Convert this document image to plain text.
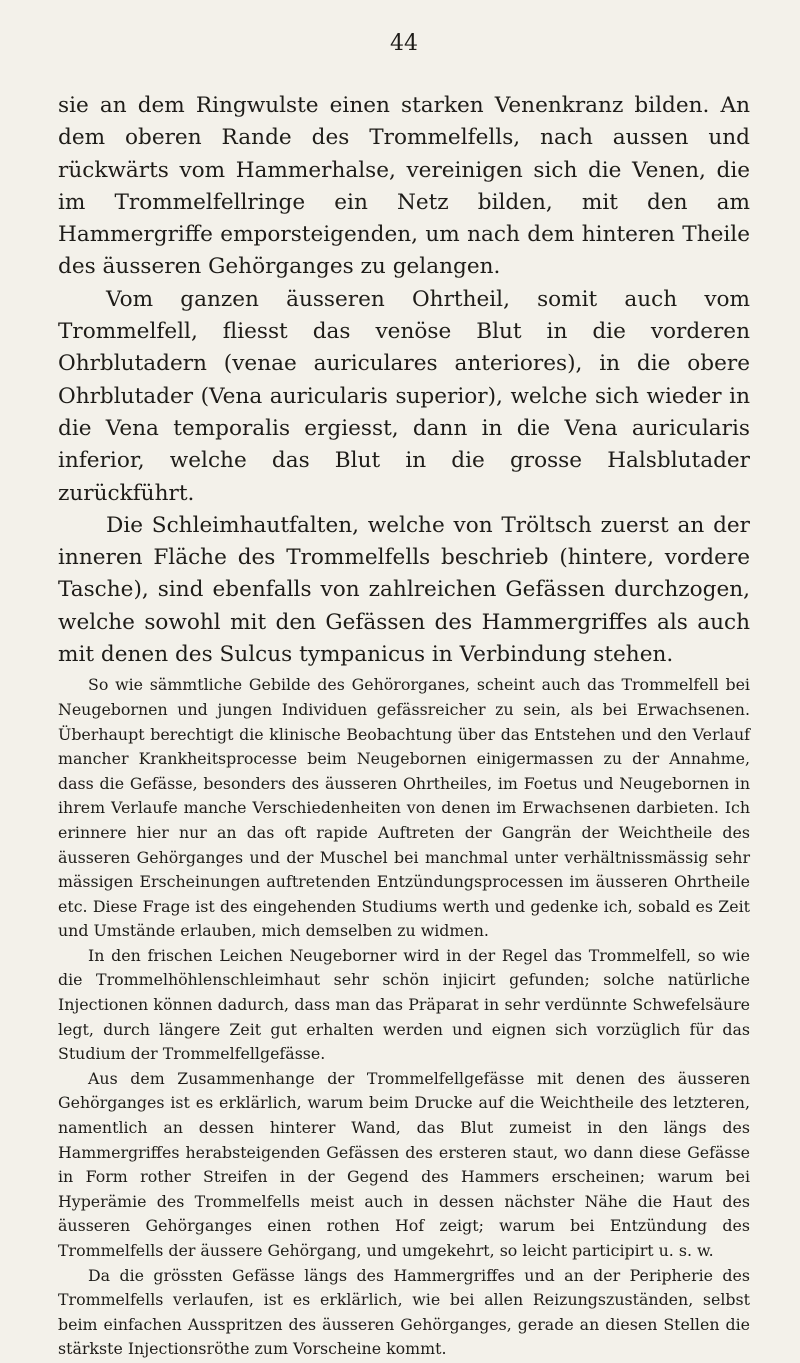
44

sie an dem Ringwulste einen starken Venenkranz bilden. An dem oberen Rande des Trommelfells, nach aussen und rückwärts vom Hammerhalse, vereinigen sich die Venen, die im Trommelfellringe ein Netz bilden, mit den am Hammergriffe emporsteigenden, um nach dem hinteren Theile des äusseren Gehörganges zu gelangen.

Vom ganzen äusseren Ohrtheil, somit auch vom Trommelfell, fliesst das venöse Blut in die vorderen Ohrblutadern (venae auriculares anteriores), in die obere Ohrblutader (Vena auricularis superior), welche sich wieder in die Vena temporalis ergiesst, dann in die Vena auricularis inferior, welche das Blut in die grosse Halsblutader zurückführt.

Die Schleimhautfalten, welche von Tröltsch zuerst an der inneren Fläche des Trommelfells beschrieb (hintere, vordere Tasche), sind ebenfalls von zahlreichen Gefässen durchzogen, welche sowohl mit den Gefässen des Hammergriffes als auch mit denen des Sulcus tympanicus in Verbindung stehen.

So wie sämmtliche Gebilde des Gehörorganes, scheint auch das Trommelfell bei Neugebornen und jungen Individuen gefässreicher zu sein, als bei Erwachsenen. Überhaupt berechtigt die klinische Beobachtung über das Entstehen und den Verlauf mancher Krankheitsprocesse beim Neugebornen einigermassen zu der Annahme, dass die Gefässe, besonders des äusseren Ohrtheiles, im Foetus und Neugebornen in ihrem Verlaufe manche Verschiedenheiten von denen im Erwachsenen darbieten. Ich erinnere hier nur an das oft rapide Auftreten der Gangrän der Weichtheile des äusseren Gehörganges und der Muschel bei manchmal unter verhältnissmässig sehr mässigen Erscheinungen auftretenden Entzündungsprocessen im äusseren Ohrtheile etc. Diese Frage ist des eingehenden Studiums werth und gedenke ich, sobald es Zeit und Umstände erlauben, mich demselben zu widmen.

In den frischen Leichen Neugeborner wird in der Regel das Trommelfell, so wie die Trommelhöhlenschleimhaut sehr schön injicirt gefunden; solche natürliche Injectionen können dadurch, dass man das Präparat in sehr verdünnte Schwefelsäure legt, durch längere Zeit gut erhalten werden und eignen sich vorzüglich für das Studium der Trommelfellgefässe.

Aus dem Zusammenhange der Trommelfellgefässe mit denen des äusseren Gehörganges ist es erklärlich, warum beim Drucke auf die Weichtheile des letzteren, namentlich an dessen hinterer Wand, das Blut zumeist in den längs des Hammergriffes herabsteigenden Gefässen des ersteren staut, wo dann diese Gefässe in Form rother Streifen in der Gegend des Hammers erscheinen; warum bei Hyperämie des Trommelfells meist auch in dessen nächster Nähe die Haut des äusseren Gehörganges einen rothen Hof zeigt; warum bei Entzündung des Trommelfells der äussere Gehörgang, und umgekehrt, so leicht participirt u. s. w.

Da die grössten Gefässe längs des Hammergriffes und an der Peripherie des Trommelfells verlaufen, ist es erklärlich, wie bei allen Reizungszuständen, selbst beim einfachen Ausspritzen des äusseren Gehörganges, gerade an diesen Stellen die stärkste Injectionsröthe zum Vorscheine kommt.
